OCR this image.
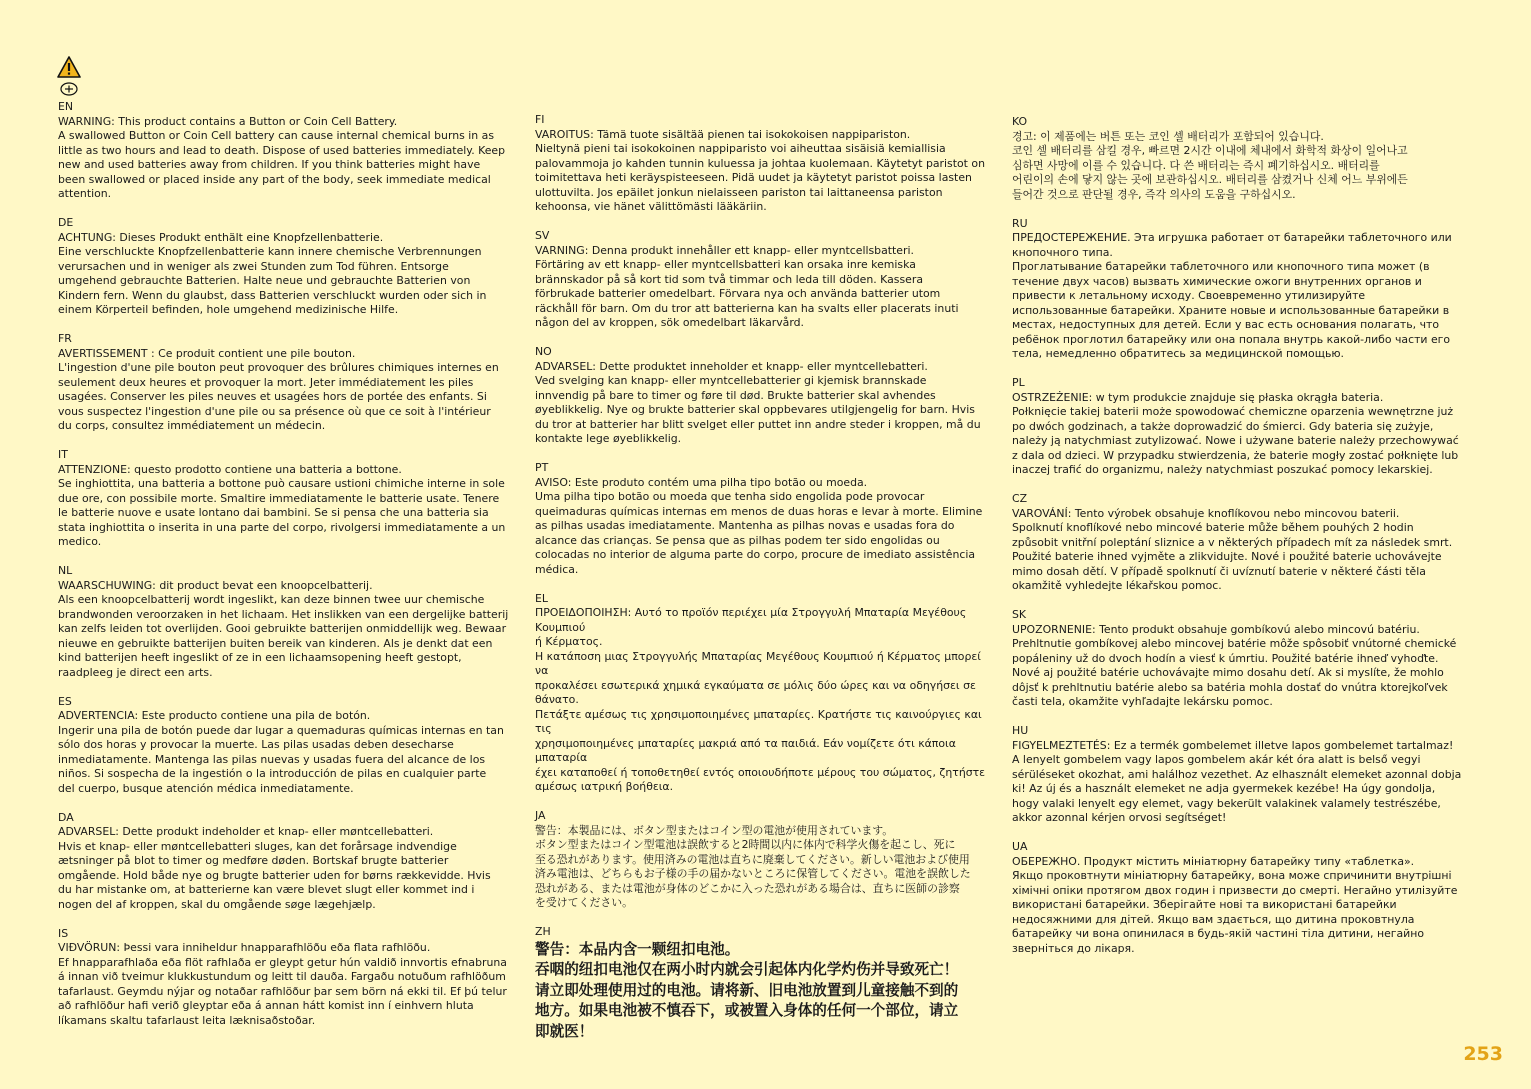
EN
WARNING: This product contains a Button or Coin Cell Battery.
A swallowed Button or Coin Cell battery can cause internal chemical burns in as
little as two hours and lead to death. Dispose of used batteries immediately. Keep
new and used batteries away from children. If you think batteries might have
been swallowed or placed inside any part of the body, seek immediate medical
attention.
DE
ACHTUNG: Dieses Produkt enthält eine Knopfzellenbatterie.
Eine verschluckte Knopfzellenbatterie kann innere chemische Verbrennungen
verursachen und in weniger als zwei Stunden zum Tod führen. Entsorge
umgehend gebrauchte Batterien. Halte neue und gebrauchte Batterien von
Kindern fern. Wenn du glaubst, dass Batterien verschluckt wurden oder sich in
einem Körperteil befinden, hole umgehend medizinische Hilfe.
FR
AVERTISSEMENT : Ce produit contient une pile bouton.
L'ingestion d'une pile bouton peut provoquer des brûlures chimiques internes en
seulement deux heures et provoquer la mort. Jeter immédiatement les piles
usagées. Conserver les piles neuves et usagées hors de portée des enfants. Si
vous suspectez l'ingestion d'une pile ou sa présence où que ce soit à l'intérieur
du corps, consultez immédiatement un médecin.
IT
ATTENZIONE: questo prodotto contiene una batteria a bottone.
Se inghiottita, una batteria a bottone può causare ustioni chimiche interne in sole
due ore, con possibile morte. Smaltire immediatamente le batterie usate. Tenere
le batterie nuove e usate lontano dai bambini. Se si pensa che una batteria sia
stata inghiottita o inserita in una parte del corpo, rivolgersi immediatamente a un
medico.
NL
WAARSCHUWING: dit product bevat een knoopcelbatterij.
Als een knoopcelbatterij wordt ingeslikt, kan deze binnen twee uur chemische
brandwonden veroorzaken in het lichaam. Het inslikken van een dergelijke batterij
kan zelfs leiden tot overlijden. Gooi gebruikte batterijen onmiddellijk weg. Bewaar
nieuwe en gebruikte batterijen buiten bereik van kinderen. Als je denkt dat een
kind batterijen heeft ingeslikt of ze in een lichaamsopening heeft gestopt,
raadpleeg je direct een arts.
ES
ADVERTENCIA: Este producto contiene una pila de botón.
Ingerir una pila de botón puede dar lugar a quemaduras químicas internas en tan
sólo dos horas y provocar la muerte. Las pilas usadas deben desecharse
inmediatamente. Mantenga las pilas nuevas y usadas fuera del alcance de los
niños. Si sospecha de la ingestión o la introducción de pilas en cualquier parte
del cuerpo, busque atención médica inmediatamente.
DA
ADVARSEL: Dette produkt indeholder et knap- eller møntcellebatteri.
Hvis et knap- eller møntcellebatteri sluges, kan det forårsage indvendige
ætsninger på blot to timer og medføre døden. Bortskaf brugte batterier
omgående. Hold både nye og brugte batterier uden for børns rækkevidde. Hvis
du har mistanke om, at batterierne kan være blevet slugt eller kommet ind i
nogen del af kroppen, skal du omgående søge lægehjælp.
IS
VIÐVÖRUN: Þessi vara inniheldur hnapparafhlöðu eða flata rafhlöðu.
Ef hnapparafhlaða eða flöt rafhlaða er gleypt getur hún valdið innvortis efnabruna
á innan við tveimur klukkustundum og leitt til dauða. Fargaðu notuðum rafhlöðum
tafarlaust. Geymdu nýjar og notaðar rafhlöður þar sem börn ná ekki til. Ef þú telur
að rafhlöður hafi verið gleyptar eða á annan hátt komist inn í einhvern hluta
líkamans skaltu tafarlaust leita læknisaðstoðar.
FI
VAROITUS: Tämä tuote sisältää pienen tai isokokoisen nappipariston.
Nieltynä pieni tai isokokoinen nappiparisto voi aiheuttaa sisäisiä kemiallisia
palovammoja jo kahden tunnin kuluessa ja johtaa kuolemaan. Käytetyt paristot on
toimitettava heti keräyspisteeseen. Pidä uudet ja käytetyt paristot poissa lasten
ulottuvilta. Jos epäilet jonkun nielaisseen pariston tai laittaneensa pariston
kehoonsa, vie hänet välittömästi lääkäriin.
SV
VARNING: Denna produkt innehåller ett knapp- eller myntcellsbatteri.
Förtäring av ett knapp- eller myntcellsbatteri kan orsaka inre kemiska
brännskador på så kort tid som två timmar och leda till döden. Kassera
förbrukade batterier omedelbart. Förvara nya och använda batterier utom
räckhåll för barn. Om du tror att batterierna kan ha svalts eller placerats inuti
någon del av kroppen, sök omedelbart läkarvård.
NO
ADVARSEL: Dette produktet inneholder et knapp- eller myntcellebatteri.
Ved svelging kan knapp- eller myntcellebatterier gi kjemisk brannskade
innvendig på bare to timer og føre til død. Brukte batterier skal avhendes
øyeblikkelig. Nye og brukte batterier skal oppbevares utilgjengelig for barn. Hvis
du tror at batterier har blitt svelget eller puttet inn andre steder i kroppen, må du
kontakte lege øyeblikkelig.
PT
AVISO: Este produto contém uma pilha tipo botão ou moeda.
Uma pilha tipo botão ou moeda que tenha sido engolida pode provocar
queimaduras químicas internas em menos de duas horas e levar à morte. Elimine
as pilhas usadas imediatamente. Mantenha as pilhas novas e usadas fora do
alcance das crianças. Se pensa que as pilhas podem ter sido engolidas ou
colocadas no interior de alguma parte do corpo, procure de imediato assistência
médica.
EL
ΠΡΟΕΙΔΟΠΟΙΗΣΗ: Αυτό το προϊόν περιέχει μία Στρογγυλή Μπαταρία Μεγέθους Κουμπιού
ή Κέρματος.
Η κατάποση μιας Στρογγυλής Μπαταρίας Μεγέθους Κουμπιού ή Κέρματος μπορεί να
προκαλέσει εσωτερικά χημικά εγκαύματα σε μόλις δύο ώρες και να οδηγήσει σε θάνατο.
Πετάξτε αμέσως τις χρησιμοποιημένες μπαταρίες. Κρατήστε τις καινούργιες και τις
χρησιμοποιημένες μπαταρίες μακριά από τα παιδιά. Εάν νομίζετε ότι κάποια μπαταρία
έχει καταποθεί ή τοποθετηθεί εντός οποιουδήποτε μέρους του σώματος, ζητήστε
αμέσως ιατρική βοήθεια.
JA
警告：本製品には、ボタン型またはコイン型の電池が使用されています。
ボタン型またはコイン型電池は誤飲すると2時間以内に体内で科学火傷を起こし、死に
至る恐れがあります。使用済みの電池は直ちに廃棄してください。新しい電池および使用
済み電池は、どちらもお子様の手の届かないところに保管してください。電池を誤飲した
恐れがある、または電池が身体のどこかに入った恐れがある場合は、直ちに医師の診察
を受けてください。
ZH
警告：本品内含一颗纽扣电池。
吞咽的纽扣电池仅在两小时内就会引起体内化学灼伤并导致死亡！
请立即处理使用过的电池。请将新、旧电池放置到儿童接触不到的
地方。如果电池被不慎吞下，或被置入身体的任何一个部位，请立
即就医！
KO
경고: 이 제품에는 버튼 또는 코인 셀 배터리가 포함되어 있습니다.
코인 셀 배터리를 삼킬 경우, 빠르면 2시간 이내에 체내에서 화학적 화상이 일어나고
심하면 사망에 이를 수 있습니다. 다 쓴 배터리는 즉시 폐기하십시오. 배터리를
어린이의 손에 닿지 않는 곳에 보관하십시오. 배터리를 삼켰거나 신체 어느 부위에든
들어간 것으로 판단될 경우, 즉각 의사의 도움을 구하십시오.
RU
ПРЕДОСТЕРЕЖЕНИЕ. Эта игрушка работает от батарейки таблеточного или
кнопочного типа.
Проглатывание батарейки таблеточного или кнопочного типа может (в
течение двух часов) вызвать химические ожоги внутренних органов и
привести к летальному исходу. Своевременно утилизируйте
использованные батарейки. Храните новые и использованные батарейки в
местах, недоступных для детей. Если у вас есть основания полагать, что
ребёнок проглотил батарейку или она попала внутрь какой-либо части его
тела, немедленно обратитесь за медицинской помощью.
PL
OSTRZEŻENIE: w tym produkcie znajduje się płaska okrągła bateria.
Połknięcie takiej baterii może spowodować chemiczne oparzenia wewnętrzne już
po dwóch godzinach, a także doprowadzić do śmierci. Gdy bateria się zużyje,
należy ją natychmiast zutylizować. Nowe i używane baterie należy przechowywać
z dala od dzieci. W przypadku stwierdzenia, że baterie mogły zostać połknięte lub
inaczej trafić do organizmu, należy natychmiast poszukać pomocy lekarskiej.
CZ
VAROVÁNÍ: Tento výrobek obsahuje knoflíkovou nebo mincovou baterii.
Spolknutí knoflíkové nebo mincové baterie může během pouhých 2 hodin
způsobit vnitřní poleptání sliznice a v některých případech mít za následek smrt.
Použité baterie ihned vyjměte a zlikvidujte. Nové i použité baterie uchovávejte
mimo dosah dětí. V případě spolknutí či uvíznutí baterie v některé části těla
okamžitě vyhledejte lékařskou pomoc.
SK
UPOZORNENIE: Tento produkt obsahuje gombíkovú alebo mincovú batériu.
Prehltnutie gombíkovej alebo mincovej batérie môže spôsobiť vnútorné chemické
popáleniny už do dvoch hodín a viesť k úmrtiu. Použité batérie ihneď vyhoďte.
Nové aj použité batérie uchovávajte mimo dosahu detí. Ak si myslíte, že mohlo
dôjsť k prehltnutiu batérie alebo sa batéria mohla dostať do vnútra ktorejkoľvek
časti tela, okamžite vyhľadajte lekársku pomoc.
HU
FIGYELMEZTETÉS: Ez a termék gombelemet illetve lapos gombelemet tartalmaz!
A lenyelt gombelem vagy lapos gombelem akár két óra alatt is belső vegyi
sérüléseket okozhat, ami halálhoz vezethet. Az elhasznált elemeket azonnal dobja
ki! Az új és a használt elemeket ne adja gyermekek kezébe! Ha úgy gondolja,
hogy valaki lenyelt egy elemet, vagy bekerült valakinek valamely testrészébe,
akkor azonnal kérjen orvosi segítséget!
UA
ОБЕРЕЖНО. Продукт містить мініатюрну батарейку типу «таблетка».
Якщо проковтнути мініатюрну батарейку, вона може спричинити внутрішні
хімічні опіки протягом двох годин і призвести до смерті. Негайно утилізуйте
використані батарейки. Зберігайте нові та використані батарейки
недосяжними для дітей. Якщо вам здається, що дитина проковтнула
батарейку чи вона опинилася в будь-якій частині тіла дитини, негайно
зверніться до лікаря.
253
